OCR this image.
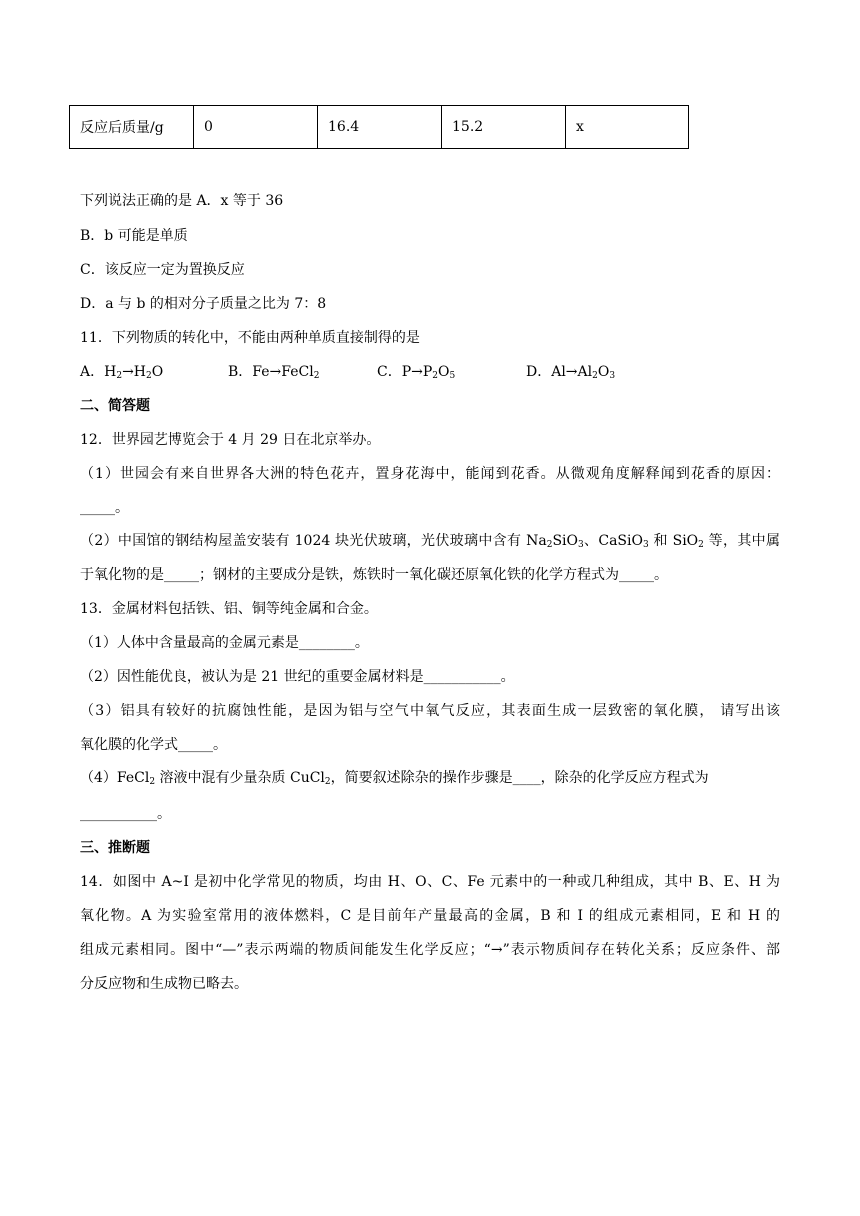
反应后质量/g	0	16.4	15.2	x
下列说法正确的是 A．x 等于 36
B．b 可能是单质
C．该反应一定为置换反应
D．a 与 b 的相对分子质量之比为 7：8
11．下列物质的转化中，不能由两种单质直接制得的是
A．$H_2\to H_2O$	B．Fe→FeCl$_2$	C．$P\to P_2O_5$	D．$Al\to Al_2O_3$
二、简答题
12．世界园艺博览会于 4 月 29 日在北京举办。
（1）世园会有来自世界各大洲的特色花卉，置身花海中，能闻到花香。从微观角度解释闻到花香的原因：
_____。
（2）中国馆的钢结构屋盖安装有 1024 块光伏玻璃，光伏玻璃中含有 $Na_2SiO_3$、CaSiO$_3$ 和 SiO$_2$ 等，其中属
于氧化物的是_____；钢材的主要成分是铁，炼铁时一氧化碳还原氧化铁的化学方程式为_____。
13．金属材料包括铁、铝、铜等纯金属和合金。
（1）人体中含量最高的金属元素是________。
（2）因性能优良，被认为是 21 世纪的重要金属材料是___________。
（3）铝具有较好的抗腐蚀性能，是因为铝与空气中氧气反应，其表面生成一层致密的氧化膜， 请写出该
氧化膜的化学式_____。
（4）FeCl$_2$ 溶液中混有少量杂质 CuCl$_2$，简要叙述除杂的操作步骤是____，除杂的化学反应方程式为
___________。
三、推断题
14．如图中 A~I 是初中化学常见的物质，均由 H、O、C、Fe 元素中的一种或几种组成，其中 B、E、H 为
氧化物。A 为实验室常用的液体燃料，C 是目前年产量最高的金属，B 和 I 的组成元素相同，E 和 H 的
组成元素相同。图中“—”表示两端的物质间能发生化学反应；“→”表示物质间存在转化关系；反应条件、部
分反应物和生成物已略去。
